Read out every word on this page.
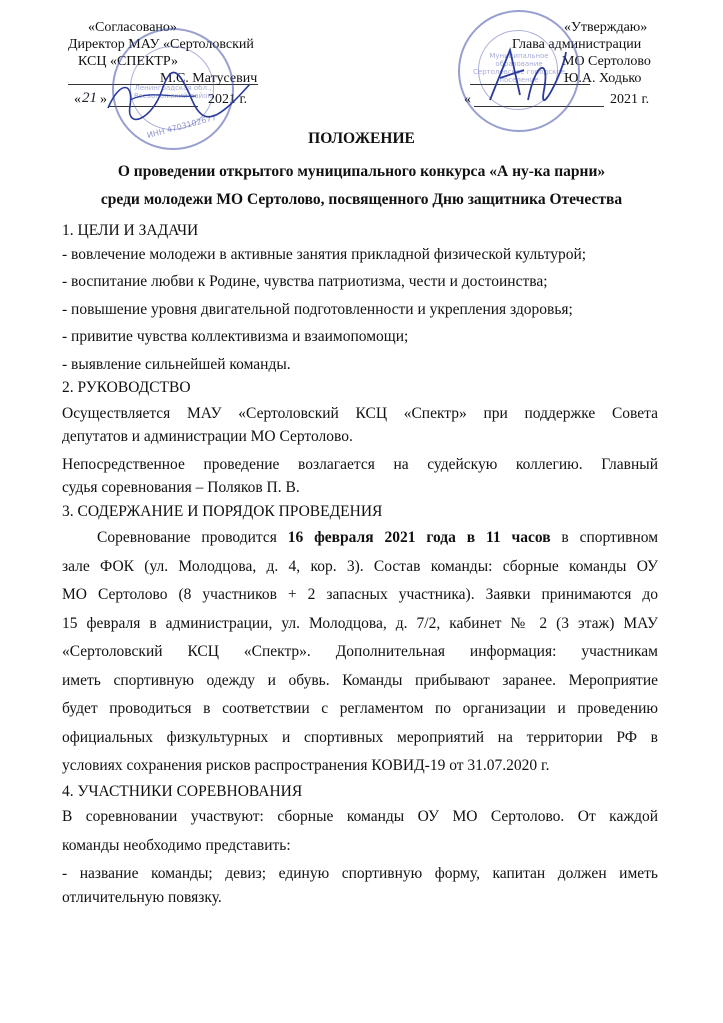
«Согласовано»
Директор МАУ «Сертоловский
КСЦ «СПЕКТР»
М.С. Матусевич
« 21 »	2021 г.
ИНН 4703102677
Ленинградская обл., Всеволожский район
«Утверждаю»
Глава администрации
МО Сертолово
Ю.А. Ходько
«	2021 г.
Муниципальное образование Сертоловское городское поселение
ПОЛОЖЕНИЕ
О проведении открытого муниципального конкурса «А ну-ка парни»
среди молодежи МО Сертолово, посвященного Дню защитника Отечества
1. ЦЕЛИ И ЗАДАЧИ
- вовлечение молодежи в активные занятия прикладной физической культурой;
- воспитание любви к Родине, чувства патриотизма, чести и достоинства;
- повышение уровня двигательной подготовленности и укрепления здоровья;
- привитие чувства коллективизма и взаимопомощи;
- выявление сильнейшей команды.
2. РУКОВОДСТВО
Осуществляется МАУ «Сертоловский КСЦ «Спектр» при поддержке Совета
депутатов и администрации МО Сертолово.
Непосредственное проведение возлагается на судейскую коллегию. Главный
судья соревнования – Поляков П. В.
3. СОДЕРЖАНИЕ И ПОРЯДОК ПРОВЕДЕНИЯ
Соревнование проводится 16 февраля 2021 года в 11 часов в спортивном
зале ФОК (ул. Молодцова, д. 4, кор. 3). Состав команды: сборные команды ОУ
МО Сертолово (8 участников + 2 запасных участника). Заявки принимаются до
15 февраля в администрации, ул. Молодцова, д. 7/2, кабинет № 2 (3 этаж) МАУ
«Сертоловский КСЦ «Спектр». Дополнительная информация: участникам
иметь спортивную одежду и обувь. Команды прибывают заранее. Мероприятие
будет проводиться в соответствии с регламентом по организации и проведению
официальных физкультурных и спортивных мероприятий на территории РФ в
условиях сохранения рисков распространения КОВИД-19 от 31.07.2020 г.
4. УЧАСТНИКИ СОРЕВНОВАНИЯ
В соревновании участвуют: сборные команды ОУ МО Сертолово. От каждой
команды необходимо представить:
- название команды; девиз; единую спортивную форму, капитан должен иметь
отличительную повязку.
